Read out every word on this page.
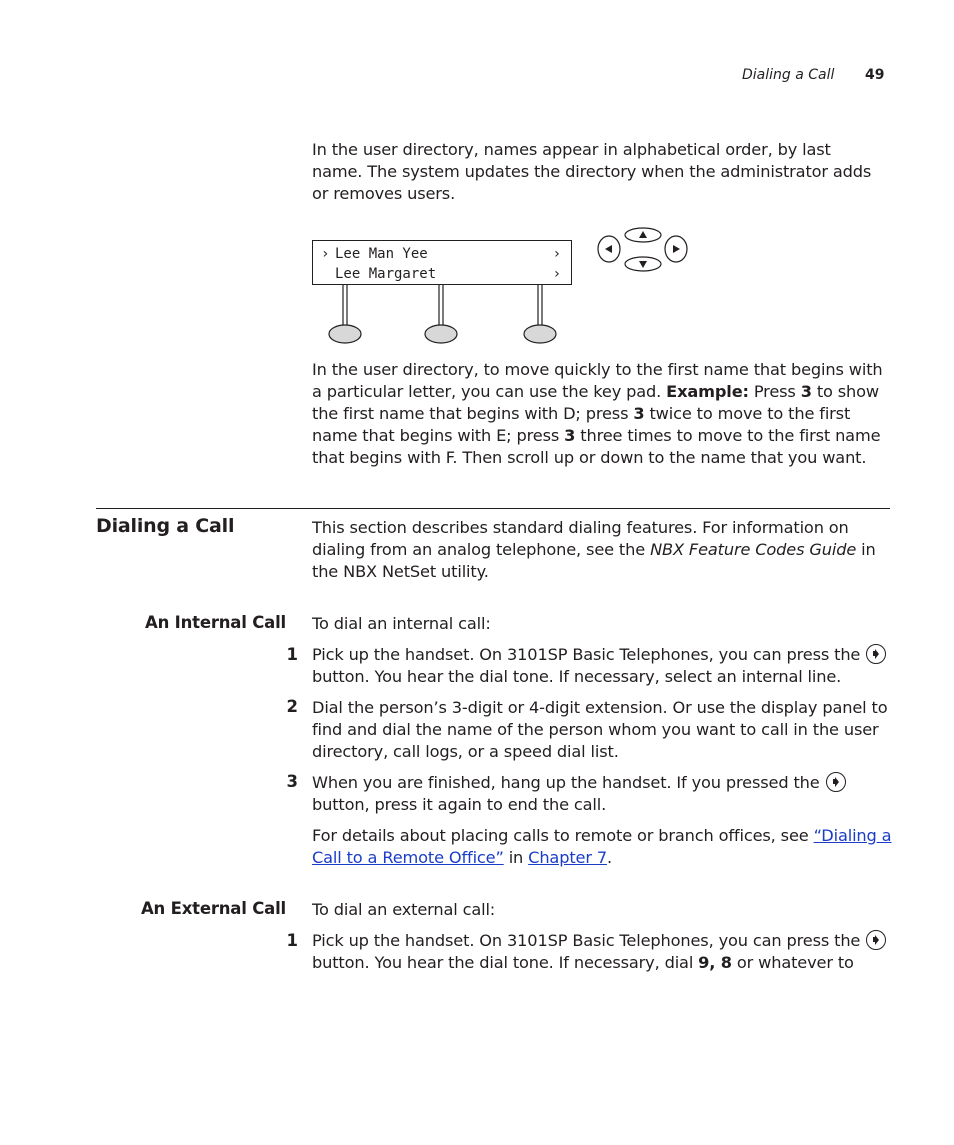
Dialing a Call 49
In the user directory, names appear in alphabetical order, by last name. The system updates the directory when the administrator adds or removes users.
› Lee Man Yee	›
Lee Margaret	›
In the user directory, to move quickly to the first name that begins with a particular letter, you can use the key pad. Example: Press 3 to show the first name that begins with D; press 3 twice to move to the first name that begins with E; press 3 three times to move to the first name that begins with F. Then scroll up or down to the name that you want.
Dialing a Call	This section describes standard dialing features. For information on dialing from an analog telephone, see the NBX Feature Codes Guide in the NBX NetSet utility.
An Internal Call To dial an internal call:
1 Pick up the handset. On 3101SP Basic Telephones, you can press the  button. You hear the dial tone. If necessary, select an internal line.
2 Dial the person’s 3-digit or 4-digit extension. Or use the display panel to find and dial the name of the person whom you want to call in the user directory, call logs, or a speed dial list.
3 When you are finished, hang up the handset. If you pressed the  button, press it again to end the call.
For details about placing calls to remote or branch offices, see “Dialing a Call to a Remote Office” in Chapter 7.
An External Call To dial an external call:
1 Pick up the handset. On 3101SP Basic Telephones, you can press the  button. You hear the dial tone. If necessary, dial 9, 8 or whatever to
